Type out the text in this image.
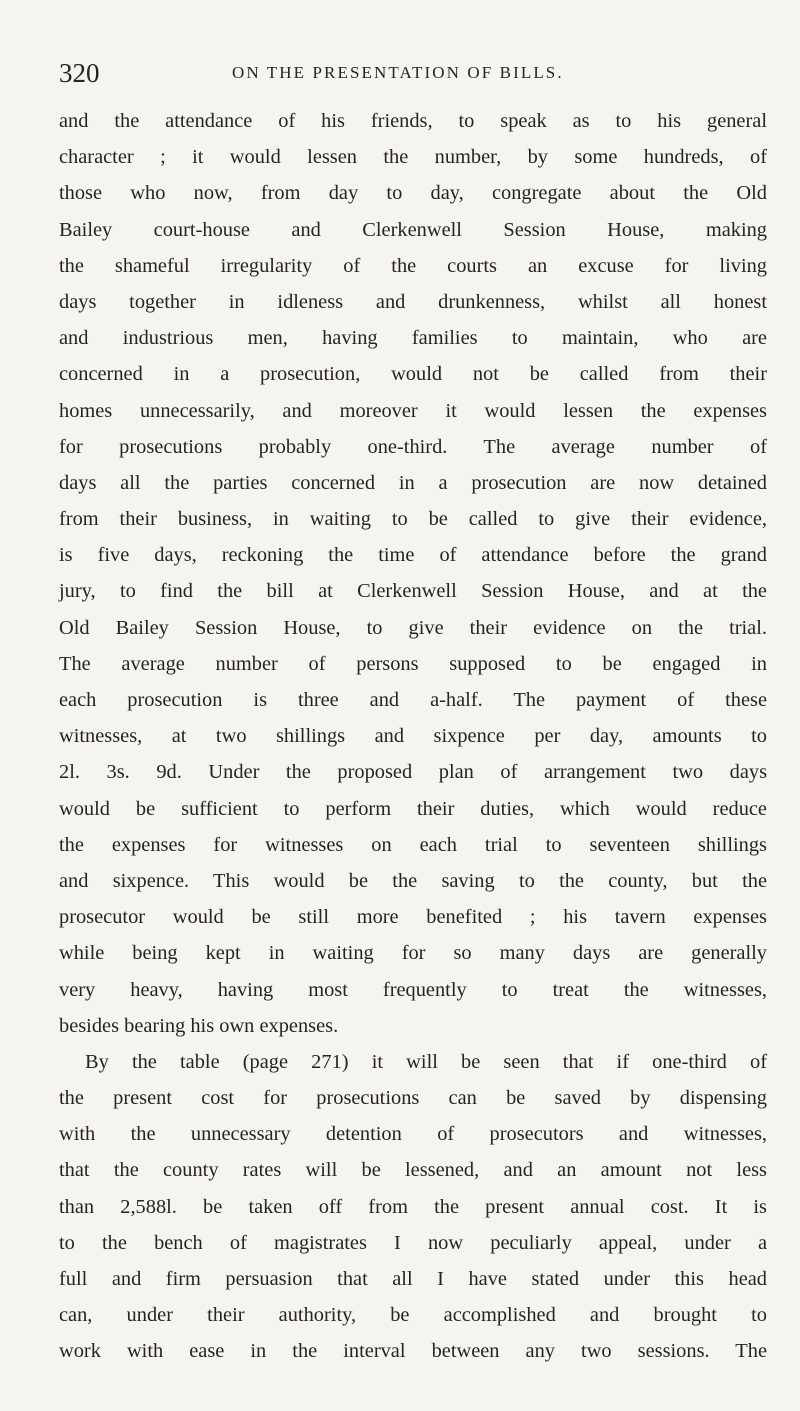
320	ON THE PRESENTATION OF BILLS.
and the attendance of his friends, to speak as to his general
character ; it would lessen the number, by some hundreds, of
those who now, from day to day, congregate about the Old
Bailey court-house and Clerkenwell Session House, making
the shameful irregularity of the courts an excuse for living
days together in idleness and drunkenness, whilst all honest
and industrious men, having families to maintain, who are
concerned in a prosecution, would not be called from their
homes unnecessarily, and moreover it would lessen the expenses
for prosecutions probably one-third. The average number of
days all the parties concerned in a prosecution are now detained
from their business, in waiting to be called to give their evidence,
is five days, reckoning the time of attendance before the grand
jury, to find the bill at Clerkenwell Session House, and at the
Old Bailey Session House, to give their evidence on the trial.
The average number of persons supposed to be engaged in
each prosecution is three and a-half. The payment of these
witnesses, at two shillings and sixpence per day, amounts to
2l. 3s. 9d. Under the proposed plan of arrangement two days
would be sufficient to perform their duties, which would reduce
the expenses for witnesses on each trial to seventeen shillings
and sixpence. This would be the saving to the county, but the
prosecutor would be still more benefited ; his tavern expenses
while being kept in waiting for so many days are generally
very heavy, having most frequently to treat the witnesses,
besides bearing his own expenses.
By the table (page 271) it will be seen that if one-third of
the present cost for prosecutions can be saved by dispensing
with the unnecessary detention of prosecutors and witnesses,
that the county rates will be lessened, and an amount not less
than 2,588l. be taken off from the present annual cost. It is
to the bench of magistrates I now peculiarly appeal, under a
full and firm persuasion that all I have stated under this head
can, under their authority, be accomplished and brought to
work with ease in the interval between any two sessions. The
